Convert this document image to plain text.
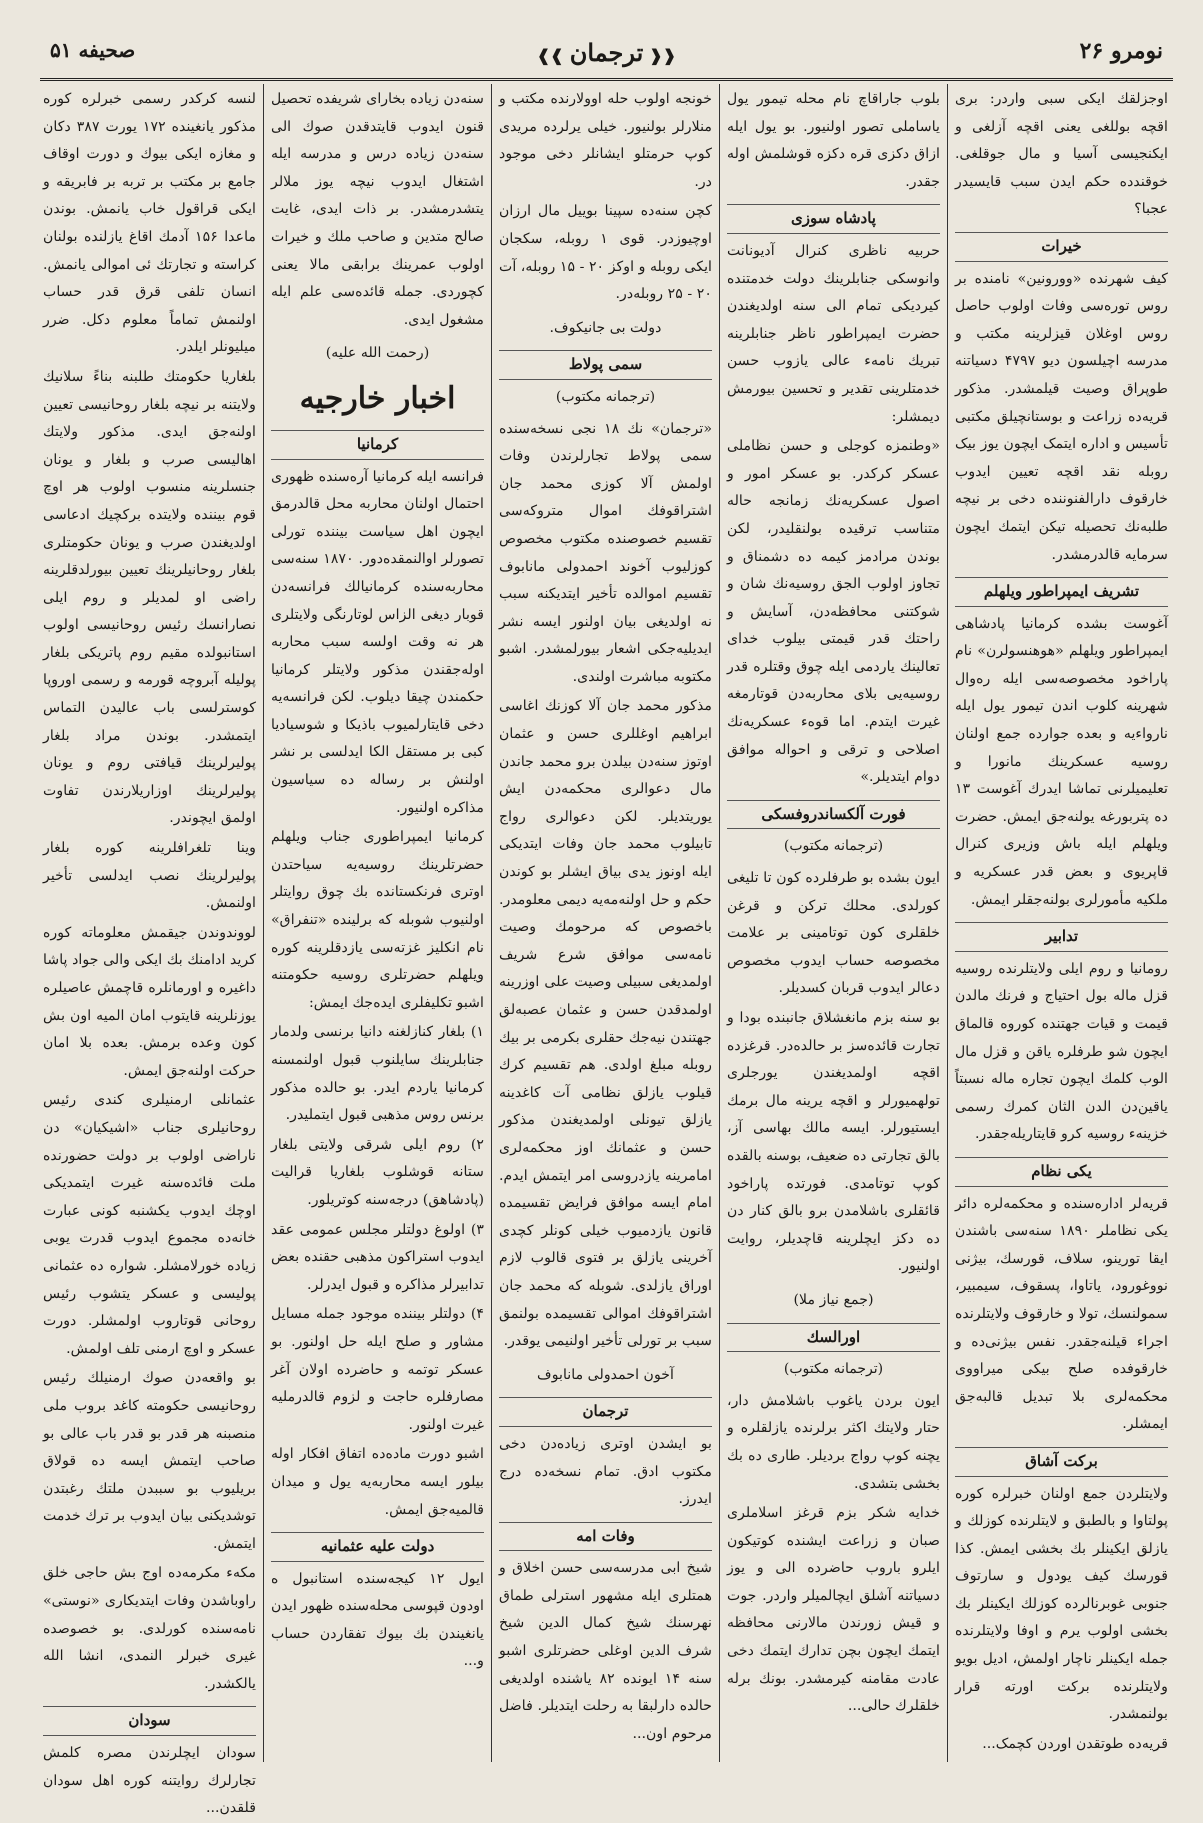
۵۱ صحیفه	❰❰ ترجمان ❱❱	نومرو ۲۶

اوجزلقك ایکی سبی واردر: بری اقچه بوللغی یعنی اقچه آزلغی و ایکنجیسی آسیا و مال جوقلغی. خوقندده حکم ایدن سبب قایسیدر عجبا؟

خیرات

کیف شهرنده «وورونین» نامنده بر روس توره‌سی وفات اولوب حاصل روس اوغلان قیزلرینه مکتب و مدرسه اچیلسون دیو ۴۷۹۷ دسیاتنه طوپراق وصیت قیلمشدر. مذکور قریه‌ده زراعت و بوستانچیلق مکتبی تأسیس و اداره ایتمک ایچون یوز بیک روبله نقد اقچه تعیین ایدوب خارقوف دارالفنوننده دخی بر نیچه طلبه‌نك تحصیله تیکن ایتمك ایچون سرمایه قالدرمشدر.

تشریف ایمپراطور ویلهلم

آغوست بشده کرمانیا پادشاهی ایمپراطور ویلهلم «هوهنسولرن» نام پاراخود مخصوصه‌سی ایله ره‌وال شهرینه کلوب اندن تیمور یول ایله نارواءیه و بعده جوارده جمع اولنان روسیه عسکرینك مانورا و تعلیمیلرنی تماشا ایدرك آغوست ۱۳ ده پتربورغه یولنه‌جق ایمش. حضرت ویلهلم ایله باش وزیری کنرال قاپریوی و بعض قدر عسکریه و ملکیه مأمورلری بولنه‌جقلر ایمش.

تدابیر

رومانیا و روم ایلی ولایتلرنده روسیه قزل ماله بول احتیاج و فرنك مالدن قیمت و قیات جهتنده کوروه قالماق ایچون شو طرفلره یاقن و قزل مال الوب کلمك ایچون تجاره ماله نسبتاً یاقین‌دن الدن الثان کمرك رسمی خزینه‌ء روسیه کرو قایتاریله‌جقدر.

یکی نظام

قریه‌لر اداره‌سنده و محکمه‌لره دائر یکی نظاملر ۱۸۹۰ سنه‌سی باشندن ایقا تورینو، سلاف، قورسك، بیژنی نووغورود، یاتاوا، پسقوف، سیمبیر، سمولنسك، تولا و خارقوف ولایتلرنده اجراء قیلنه‌جقدر. نفس بیژنی‌ده و خارقوفده صلح بیکی میراووی محکمه‌لری بلا تبدیل قالبه‌جق ایمشلر.

برکت آشاق

ولایتلردن جمع اولنان خبرلره کوره پولتاوا و بالطبق و لایتلرنده کوزلك و یازلق ایکینلر بك بخشی ایمش. کذا قورسك کیف یودول و سارتوف جنوبی غوبرنالرده کوزلك ایکینلر بك بخشی اولوب یرم و اوفا ولایتلرنده جمله ایکینلر ناچار اولمش، ادیل بویو ولایتلرنده برکت اورته قرار بولنمشدر.

قریه‌ده طوتقدن اوردن کچمک...

بلوب جاراقاچ نام محله تیمور یول یاساملی تصور اولنیور. بو یول ایله ازاق دکزی قره دکزه قوشلمش اوله جقدر.

پادشاه سوزی

حربیه ناظری کنرال آدیونانت وانوسکی جنابلرینك دولت خدمتنده کیردیکی تمام الی سنه اولدیغندن حضرت ایمپراطور ناظر جنابلرینه تبریك نامه‌ء عالی یازوب حسن خدمتلرینی تقدیر و تحسین بیورمش دیمشلر:

«وطنمزه کوجلی و حسن نظاملی عسکر کرکدر. بو عسکر امور و اصول عسکریه‌نك زمانجه حاله متناسب ترقیده بولنقلیدر، لکن بوندن مرادمز کیمه ده دشمناق و تجاوز اولوب الجق روسیه‌نك شان و شوکتنی محافظه‌دن، آسایش و راحتك قدر قیمتی بیلوب خدای تعالینك یاردمی ایله چوق وقتلره قدر روسیه‌یی بلای محاربه‌دن قوتارمغه غیرت ایتدم. اما قوه‌ء عسکریه‌نك اصلاحی و ترقی و احواله موافق دوام ایتدیلر.»

فورت آلکساندروفسکی
(ترجمانه مکتوب)

ایون بشده بو طرفلرده کون تا تلیغی کورلدی. محلك ترکن و قرغن خلقلری کون توتامینی بر علامت مخصوصه حساب ایدوب مخصوص دعالر ایدوب قربان کسدیلر.

بو سنه بزم مانغشلاق جانبنده بودا و تجارت قائده‌سز بر حالده‌در. قرغزده اقچه اولمدیغندن یورجلری تولهمیورلر و اقچه یرینه مال برمك ایستیورلر. ایسه مالك بهاسی آز، بالق تجارتی ده ضعیف، بوسنه بالقده کوپ توتامدی. فورتده پاراخود قائقلری باشلامدن برو بالق کنار دن ده دکز ایچلرینه قاچدیلر، روایت اولنیور.

(جمع نیاز ملا)
اورالسك
(ترجمانه مکتوب)

ایون بردن یاغوب باشلامش دار، حتار ولایتك اکثر برلرنده یازلقلره و یچنه کوپ رواج بردیلر. طاری ده بك بخشی بتشدی.

خدایه شکر بزم قرغز اسلاملری صبان و زراعت ایشنده کوتیکون ایلرو باروب حاضرده الی و یوز دسیاتنه آشلق ایچالمیلر واردر. جوت و قیش زورندن مالارنی محافظه ایتمك ایچون بچن تدارك ایتمك دخی عادت مقامنه کیرمشدر. بونك برله خلقلرك حالی...

خونجه اولوب حله اوولارنده مکتب و منلارلر بولنیور. خیلی یرلرده مریدی کوپ حرمتلو ایشانلر دخی موجود در.

کچن سنه‌ده سپینا بوییل مال ارزان اوچیوزدر. قوی ۱ روبله، سکجان ایکی روبله و اوکز ۲۰ - ۱۵ روبله، آت ۲۰ - ۲۵ روبله‌در.

دولت بی جانیکوف.
سمی پولاط
(ترجمانه مکتوب)

«ترجمان» نك ۱۸ نجی نسخه‌سنده سمی پولاط تجارلرندن وفات اولمش آلا کوزی محمد جان اشتراقوفك اموال متروکه‌سی تقسیم خصوصنده مکتوب مخصوص کوزلیوب آخوند احمدولی مانابوف تقسیم اموالده تأخیر ایتدیکنه سبب نه اولدیغی بیان اولنور ایسه نشر ایدیلیه‌جکی اشعار بیورلمشدر. اشبو مکتوبه مباشرت اولندی.

مذکور محمد جان آلا کوزنك اغاسی ابراهیم اوغللری حسن و عثمان اوتوز سنه‌دن بیلدن برو محمد جاندن مال دعوالری محکمه‌دن ایش یوریتدیلر. لکن دعوالری رواج تابیلوب محمد جان وفات ایتدیکی ایله اونوز یدی بیاق ایشلر بو کوندن حکم و حل اولنه‌مه‌یه دیمی معلومدر. باخصوص که مرحومك وصیت نامه‌سی موافق شرع شریف اولمدیغی سبیلی وصیت علی اوزرینه اولمدقدن حسن و عثمان عصبه‌لق جهتندن نیه‌جك حقلری بکرمی بر بیك روبله مبلغ اولدی. هم تقسیم کرك قیلوب یازلق نظامی آت کاغدینه یازلق تیونلی اولمدیغندن مذکور حسن و عثمانك اوز محکمه‌لری امامرینه یازدروسی امر ایتمش ایدم. امام ایسه موافق فرایض تقسیمده قانون یازدمیوب خیلی کونلر کچدی آخرینی یازلق بر فتوی قالوب لازم اوراق یازلدی. شوبله که محمد جان اشتراقوفك اموالی تقسیمده بولنمق سبب بر تورلی تأخیر اولنیمی یوقدر.

آخون احمدولی مانابوف
ترجمان

بو ایشدن اوتری زیاده‌دن دخی مکتوب ادق. تمام نسخه‌ده درج ایدرز.

وفات امه

شیخ ابی مدرسه‌سی حسن اخلاق و همتلری ایله مشهور استرلی طماق نهرسنك شیخ کمال الدین شیخ شرف الدین اوغلی حضرتلری اشبو سنه ۱۴ ایونده ۸۲ یاشنده اولدیغی حالده دارلبقا به رحلت ایتدیلر. فاضل مرحوم اون...

سنه‌دن زیاده بخارای شریفده تحصیل قنون ایدوب قایتدقدن صوك الی سنه‌دن زیاده درس و مدرسه ایله اشتغال ایدوب نیچه یوز ملالر یتشدرمشدر. بر ذات ایدی، غایت صالح متدین و صاحب ملك و خیرات اولوب عمرینك برابقی مالا یعنی کچوردی. جمله قائده‌سی علم ایله مشغول ایدی.

(رحمت الله علیه)
اخبار خارجیه
کرمانیا

فرانسه ایله کرمانیا آره‌سنده ظهوری احتمال اولنان محاربه محل قالدرمق ایچون اهل سیاست بیننده تورلی تصورلر اوالنمقده‌دور. ۱۸۷۰ سنه‌سی محاربه‌سنده کرمانیالك فرانسه‌دن قوبار دیغی الزاس لوتارنگی ولایتلری هر نه وقت اولسه سبب محاربه اوله‌جقندن مذکور ولایتلر کرمانیا حکمندن چیقا دیلوب. لکن فرانسه‌یه دخی قایتارلمیوب باذیکا و شوسیادیا کبی بر مستقل الکا ایدلسی بر نشر اولنش بر رساله ده سیاسیون مذاکره اولنیور.

کرمانیا ایمپراطوری جناب ویلهلم حضرتلرینك روسیه‌یه سیاحتدن اوتری فرنکستانده بك چوق روایتلر اولنیوب شوبله که برلینده «تنفراق» نام انکلیز غزته‌سی یازدقلرینه کوره ویلهلم حضرتلری روسیه حکومتنه اشبو تکلیفلری ایده‌جك ایمش:

۱) بلغار کنازلغنه دانیا برنسی ولدمار جنابلرینك سایلنوب قبول اولنمسنه کرمانیا یاردم ایدر. بو حالده مذکور برنس روس مذهبی قبول ایتملیدر.

۲) روم ایلی شرقی ولایتی بلغار ستانه قوشلوب بلغاریا قرالیت (پادشاهق) درجه‌سنه کوتریلور.

۳) اولوغ دولتلر مجلس عمومی عقد ایدوب استراکون مذهبی حقنده بعض تدابیرلر مذاکره و قبول ایدرلر.

۴) دولتلر بیننده موجود جمله مسایل مشاور و صلح ایله حل اولنور. بو عسکر توتمه و حاضرده اولان آغر مصارفلره حاجت و لزوم قالدرملیه غیرت اولنور.

اشبو دورت ماده‌ده اتفاق افکار اوله بیلور ایسه محاربه‌یه یول و میدان قالمیه‌جق ایمش.

دولت علیه عثمانیه

ایول ۱۲ کیجه‌سنده استانبول ه اودون قپوسی محله‌سنده ظهور ایدن یانغیندن بك بیوك تفقاردن حساب و...

لنسه کرکدر رسمی خبرلره کوره مذکور یانغینده ۱۷۲ یورت ۳۸۷ دکان و مغازه ایکی بیوك و دورت اوقاف جامع بر مکتب بر تربه بر فابریقه و ایکی قراقول خاب یانمش. بوندن ماعدا ۱۵۶ آدمك اقاغ یازلنده بولنان کراسته و تجارتك ئی اموالی یانمش. انسان تلفی قرق قدر حساب اولنمش تماماً معلوم دکل. ضرر میلیونلر ایلدر.

بلغاریا حکومتك طلبنه بناءً سلانیك ولایتنه بر نیچه بلغار روحانیسی تعیین اولنه‌جق ایدی. مذکور ولایتك اهالیسی صرب و بلغار و یونان جنسلرینه منسوب اولوب هر اوچ قوم بیننده ولایتده برکچیك ادعاسی اولدیغندن صرب و یونان حکومتلری بلغار روحانیلرینك تعیین بیورلدقلرینه راضی او لمدیلر و روم ایلی نصارانسك رئیس روحانیسی اولوب استانبولده مقیم روم پاتریکی بلغار پولیله آبروچه قورمه و رسمی اوروپا کوسترلسی باب عالیدن التماس ایتمشدر. بوندن مراد بلغار پولیرلرینك قیافتی روم و یونان پولیرلرینك اوزاریلارندن تفاوت اولمق ایچوندر.

وینا تلغرافلرینه کوره بلغار پولیرلرینك نصب ایدلسی تأخیر اولنمش.

لووندوندن جیقمش معلوماته کوره کرید ادامنك بك ایکی والی جواد پاشا داغیره و اورمانلره قاچمش عاصیلره یوزنلرینه قایتوب امان المیه اون بش کون وعده برمش. بعده بلا امان حرکت اولنه‌جق ایمش.

عثمانلی ارمنیلری کندی رئیس روحانیلری جناب «اشیکیان» دن ناراضی اولوب بر دولت حضورنده ملت فائده‌سنه غیرت ایتمدیکی اوچك ایدوب یکشنبه کونی عبارت خانه‌ده مجموع ایدوب قدرت یوبی زیاده خورلامشلر. شواره ده عثمانی پولیسی و عسکر یتشوب رئیس روحانی قوتاروب اولمشلر. دورت عسکر و اوچ ارمنی تلف اولمش.

بو واقعه‌دن صوك ارمنیلك رئیس روحانیسی حکومته کاغد بروب ملی منصبنه هر قدر بو قدر باب عالی بو صاحب ایتمش ایسه ده قولاق بریلیوب بو سببدن ملتك رغبتدن توشدیکنی بیان ایدوب بر ترك خدمت ایتمش.

مکه‌ء مکرمه‌ده اوج بش حاجی خلق راوباشدن وفات ایتدیکاری «نوستی» نامه‌سنده کورلدی. بو خصوصده غیری خبرلر النمدی، انشا الله یالکشدر.

سودان

سودان ایچلرندن مصره کلمش تجارلرك روایتنه کوره اهل سودان قلقدن...
